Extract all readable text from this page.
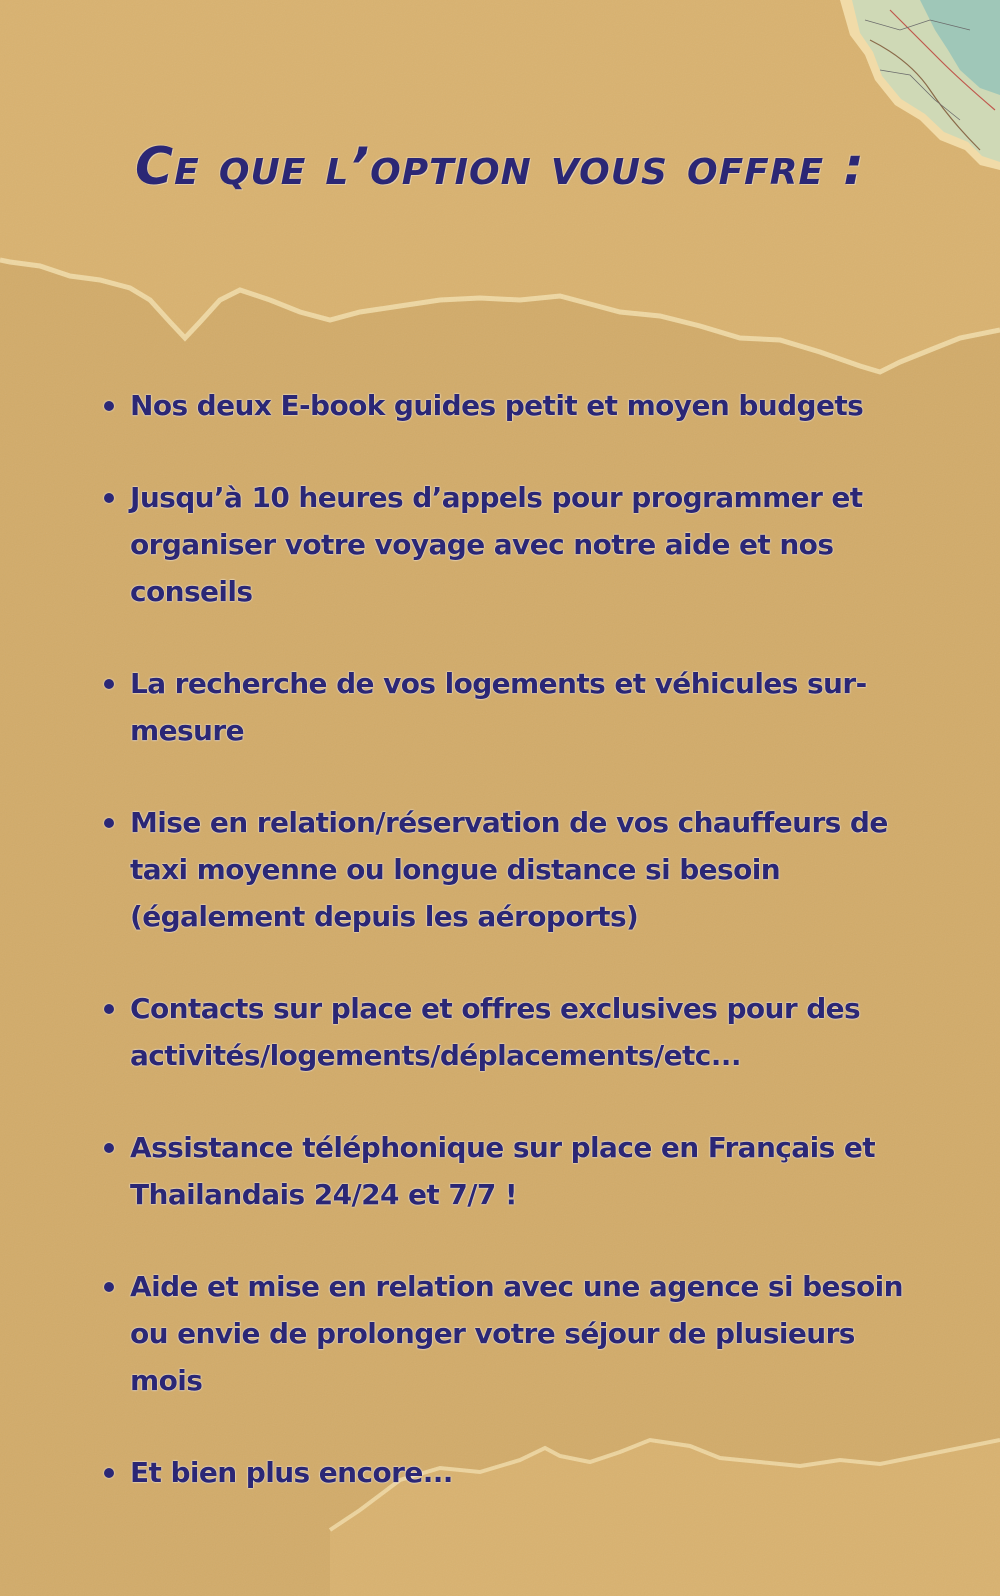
Ce que l’option vous offre :
Nos deux E-book guides petit et moyen budgets
Jusqu’à 10 heures d’appels pour programmer et organiser votre voyage avec notre aide et nos conseils
La recherche de vos logements et véhicules sur-mesure
Mise en relation/réservation de vos chauffeurs de taxi moyenne ou longue distance si besoin (également depuis les aéroports)
Contacts sur place et offres exclusives pour des activités/logements/déplacements/etc...
Assistance téléphonique sur place en Français et Thailandais 24/24 et 7/7 !
Aide et mise en relation avec une agence si besoin ou envie de prolonger votre séjour de plusieurs mois
Et bien plus encore...
